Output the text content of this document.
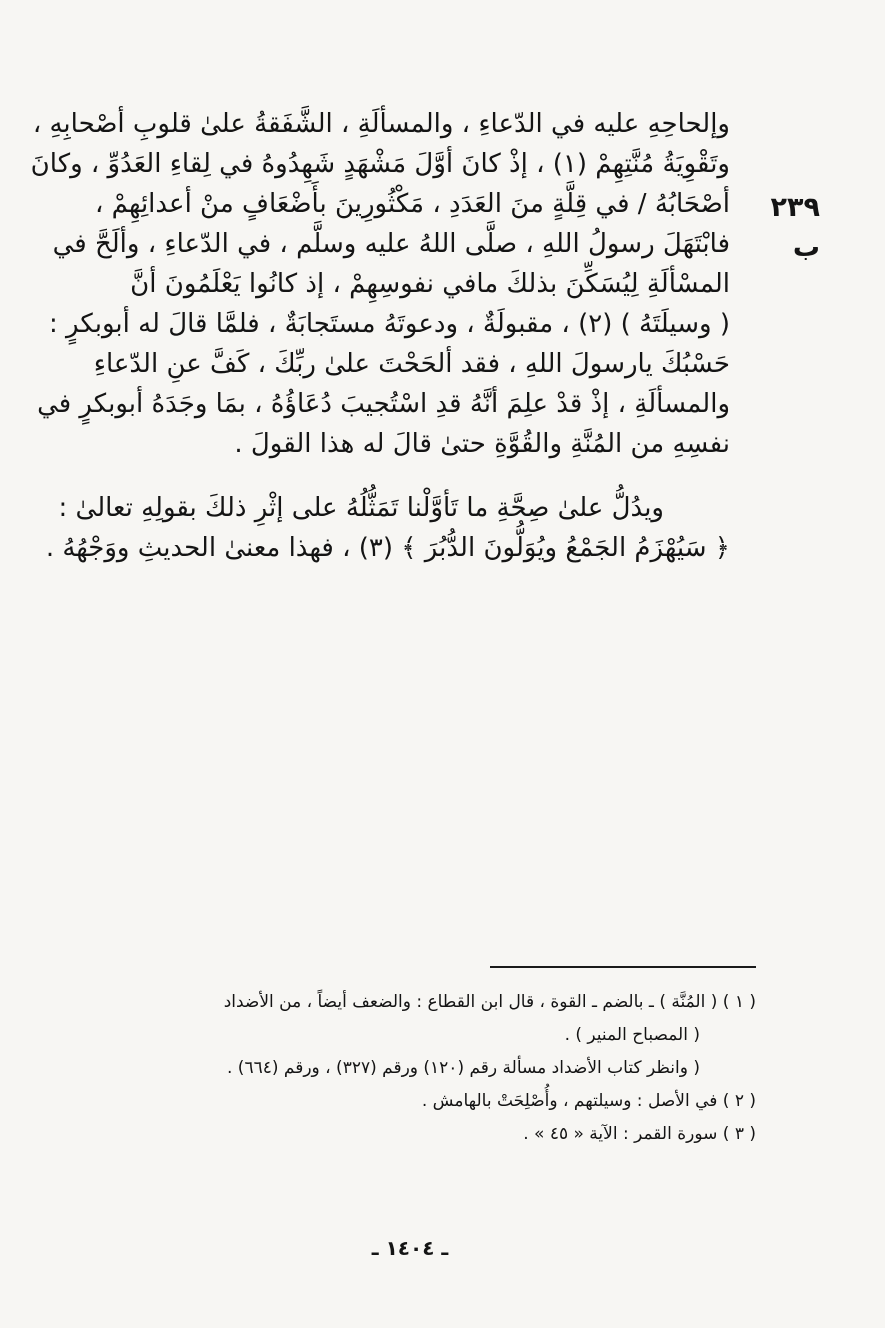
٢٣٩ ب
وإلحاحِهِ عليه في الدّعاءِ ، والمسألَةِ ، الشَّفَقةُ علىٰ قلوبِ أصْحابِهِ ،
وتَقْوِيَةُ مُنَّتِهِمْ (١) ، إذْ كانَ أوَّلَ مَشْهَدٍ شَهِدُوهُ في لِقاءِ العَدُوِّ ، وكانَ
أصْحَابُهُ / في قِلَّةٍ منَ العَدَدِ ، مَكْثُورِينَ بأَضْعَافٍ منْ أعدائِهِمْ ،
فابْتَهَلَ رسولُ اللهِ ، صلَّى اللهُ عليه وسلَّم ، في الدّعاءِ ، وألَحَّ في
المسْألَةِ لِيُسَكِّنَ بذلكَ مافي نفوسِهِمْ ، إذ كانُوا يَعْلَمُونَ أنَّ
( وسيلَتَهُ ) (٢) ، مقبولَةٌ ، ودعوتَهُ مستَجابَةٌ ، فلمَّا قالَ له أبوبكرٍ :
حَسْبُكَ يارسولَ اللهِ ، فقد ألحَحْتَ علىٰ ربِّكَ ، كَفَّ عنِ الدّعاءِ
والمسألَةِ ، إذْ قدْ علِمَ أنَّهُ قدِ اسْتُجيبَ دُعَاؤُهُ ، بمَا وجَدَهُ أبوبكرٍ في
نفسِهِ من المُنَّةِ والقُوَّةِ حتىٰ قالَ له هذا القولَ .
ويدُلُّ علىٰ صِحَّةِ ما تَأوَّلْنا تَمَثُّلُهُ على إثْرِ ذلكَ بقولِهِ تعالىٰ :
﴿ سَيُهْزَمُ الجَمْعُ ويُوَلُّونَ الدُّبُرَ ﴾ (٣) ، فهذا معنىٰ الحديثِ ووَجْهُهُ .
( ١ ) ( المُنَّة ) ـ بالضم ـ القوة ، قال ابن القطاع : والضعف أيضاً ، من الأضداد
( المصباح المنير ) .
( وانظر كتاب الأضداد مسألة رقم (١٢٠) ورقم (٣٢٧) ، ورقم (٦٦٤) .
( ٢ ) في الأصل : وسيلتهم ، وأُصْلِحَتْ بالهامش .
( ٣ ) سورة القمر : الآية « ٤٥ » .
ـ ١٤٠٤ ـ
